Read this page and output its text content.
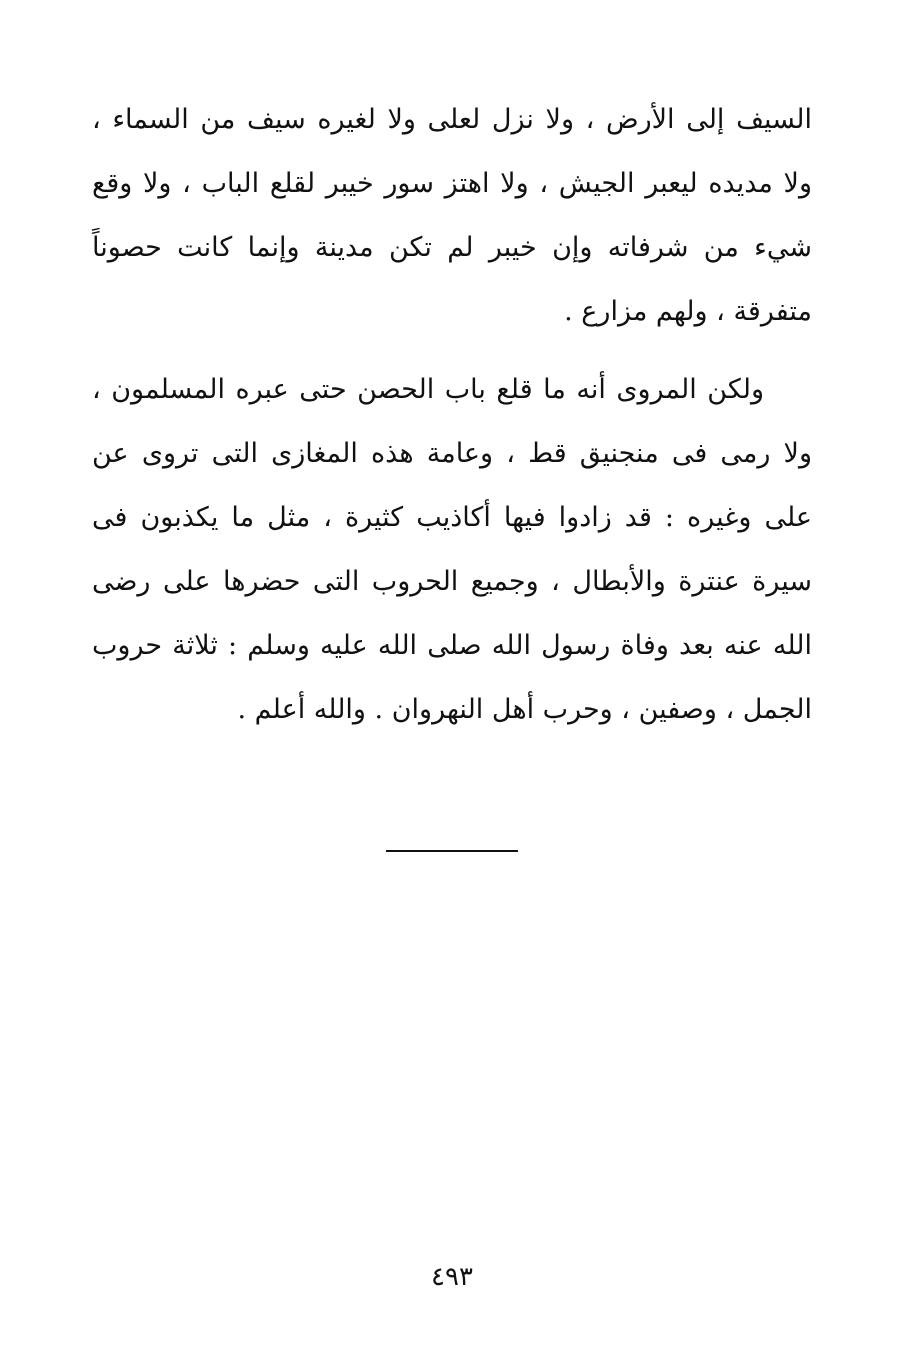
السيف إلى الأرض ، ولا نزل لعلى ولا لغيره سيف من السماء ، ولا مديده ليعبر الجيش ، ولا اهتز سور خيبر لقلع الباب ، ولا وقع شيء من شرفاته وإن خيبر لم تكن مدينة وإنما كانت حصوناً متفرقة ، ولهم مزارع .

ولكن المروى أنه ما قلع باب الحصن حتى عبره المسلمون ، ولا رمى فى منجنيق قط ، وعامة هذه المغازى التى تروى عن على وغيره : قد زادوا فيها أكاذيب كثيرة ، مثل ما يكذبون فى سيرة عنترة والأبطال ، وجميع الحروب التى حضرها على رضى الله عنه بعد وفاة رسول الله صلى الله عليه وسلم : ثلاثة حروب الجمل ، وصفين ، وحرب أهل النهروان . والله أعلم .

٤٩٣
